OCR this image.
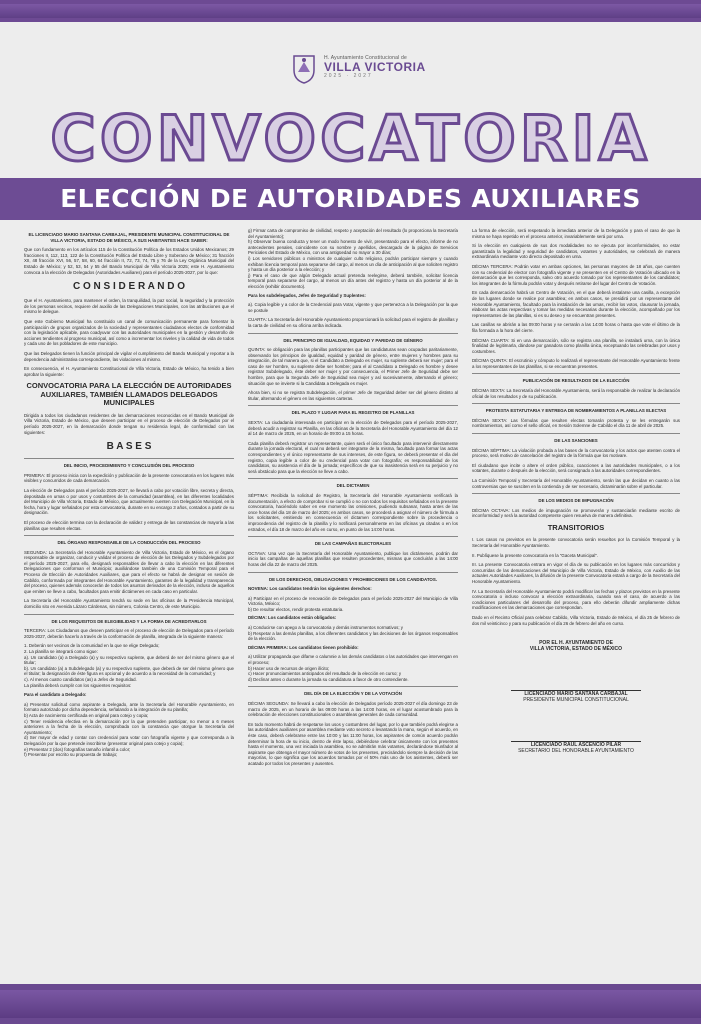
H. Ayuntamiento Constitucional de
VILLA VICTORIA
2025 · 2027
CONVOCATORIA
ELECCIÓN DE AUTORIDADES AUXILIARES

EL LICENCIADO MARIO SANTANA CARBAJAL, PRESIDENTE MUNICIPAL CONSTITUCIONAL DE VILLA VICTORIA, ESTADO DE MÉXICO, A SUS HABITANTES HACE SABER:

Que con fundamento en los artículos 115 de la Constitución Política de los Estados Unidos Mexicanos; 29 fracciones II, 112, 113, 122 de la Constitución Política del Estado Libre y Soberano de México; 31 fracción XII, 48 fracción XVI, 56, 57, 58, 60, 64 fracción II, 72, 73, 74, 75 y 76 de la Ley Orgánica Municipal del Estado de México; y 52, 53, 54 y 55 del Bando Municipal de Villa Victoria 2025; este H. Ayuntamiento convoca a la elección de Delegados (Autoridades Auxiliares) para el período 2025-2027, por lo que:

C O N S I D E R A N D O

Que el H. Ayuntamiento, para mantener el orden, la tranquilidad, la paz social, la seguridad y la protección de los personas vecinos, requiere del auxilio de las Delegaciones Municipales, con las atribuciones que el mismo le delegue.

Que este Gobierno Municipal ha constituido un canal de comunicación permanente para fomentar la participación de grupos organizados de la sociedad y representantes ciudadanos electos de conformidad con la legislación aplicable, para coadyuvar con las autoridades municipales en la gestión y desarrollo de acciones tendientes al progreso municipal, así como a incrementar los niveles y la calidad de vida de todos y cada uno de los pobladores de este municipio.

Que las Delegados tienen la función principal de vigilar el cumplimiento del Bando Municipal y reportar a la dependencia administrativa correspondiente, las violaciones al mismo.

En consecuencia, el H. Ayuntamiento Constitucional de Villa Victoria, Estado de México, ha tenido a bien aprobar la siguiente:

CONVOCATORIA PARA LA ELECCIÓN DE AUTORIDADES AUXILIARES, TAMBIÉN LLAMADOS DELEGADOS MUNICIPALES

Dirigida a todos los ciudadanos residentes de las demarcaciones reconocidas en el Bando Municipal de Villa Victoria, Estado de México, que deseen participar en el proceso de elección de Delegados por el período 2025-2027, en la demarcación donde tengan su residencia legal, de conformidad con las siguientes:

B A S E S

DEL INICIO, PROCEDIMIENTO Y CONCLUSIÓN DEL PROCESO

PRIMERA: El proceso inicia con la expedición y publicación de la presente convocatoria en los lugares más visibles y concurridos de cada demarcación.

La elección de Delegados para el período 2025-2027, se llevará a cabo por votación libre, secreta y directa, depositada en urnas o por usos y costumbres de la comunidad (asamblea), en las diferentes localidades del Municipio de Villa Victoria, Estado de México, que actualmente cuenten con Delegación Municipal, en la fecha, hora y lugar señalados por esta convocatoria, durante en su encargo 3 años, contados a partir de su designación.

El proceso de elección termina con la declaración de validez y entrega de las constancias de mayoría a las planillas que resulten electas.

DEL ÓRGANO RESPONSABLE DE LA CONDUCCIÓN DEL PROCESO

SEGUNDA: La Secretaría del Honorable Ayuntamiento de Villa Victoria, Estado de México, es el órgano responsable de organizar, conducir y validar el proceso de elección de los Delegados y Subdelegados por el período 2025-2027, para ello, designará responsables de llevar a cabo la elección en las diferentes Delegaciones que conforman el Municipio; auxiliándose también de una Comisión Temporal para el Proceso de Elección de Autoridades Auxiliares, que para el efecto se habrá de designar en sesión de Cabildo, conformada por integrantes del Honorable Ayuntamiento, garantes de la legalidad y transparencia del proceso, quienes además conocerán de todos los asuntos derivados de la elección, incluso de aquellos que emiten se lleve a cabo, facultados para emitir dictámenes en cada caso en particular.

La Secretaría del Honorable Ayuntamiento tendrá su sede en las oficinas de la Presidencia Municipal, domicilio sito en Avenida Lázaro Cárdenas, sin número, Colonia Centro, de este Municipio.

DE LOS REQUISITOS DE ELEGIBILIDAD Y LA FORMA DE ACREDITARLOS

TERCERA: Los Ciudadanos que deseen participar en el proceso de elección de Delegados para el período 2025-2027, deberán hacerlo a través de la conformación de planilla, integrada de la siguiente manera:

1. Deberán ser vecinos de la comunidad en la que se elige Delegado;
2. La planilla se integrará como sigue:
a). Un candidato (a) a Delegado (a) y su respectivo suplente, que deberá de ser del mismo género que el titular;
b). Un candidato (a) a Subdelegado (a) y su respectivo suplente, que deberá de ser del mismo género que el titular; la designación de éste figura es opcional y de acuerdo a la necesidad de la comunidad; y
c). Al menos cuatro candidatos (as) a Jefes de Seguridad.

La planilla deberá cumplir con los siguientes requisitos:

Para el candidato a Delegado:

a) Presentar solicitud como aspirante a Delegado, ante la Secretaría del Honorable Ayuntamiento, en formato autorizado por dicha dependencia, señalando a la integración de su planilla;
b) Acta de nacimiento certificada en original para cotejo y copia;
c) Tener residencia efectiva en la demarcación por la que pretenden participar, no menor a 6 meses anteriores a la fecha de la elección, comprobada con la constancia que otorgue la Secretaría del Ayuntamiento;
d) Ser mayor de edad y contar con credencial para votar con fotografía vigente y que corresponda a la Delegación por la que pretende inscribirse (presentar original para cotejo y copia);
e) Presentar 2 (dos) fotografías tamaño infantil a color;
f) Presentar por escrito su propuesta de trabajo;
g) Firmar carta de compromiso de civilidad, respeto y aceptación del resultado (lo proporciona la Secretaría del Ayuntamiento);
h) Observar buena conducta y tener un modo honesto de vivir, presentando para el efecto, informe de no antecedentes penales, coincidente con su nombre y apellidos, descargado de la página de Servicios Periciales del Estado de México, con una antigüedad no mayor a 30 días;
i) Los servidores públicos o ministros de cualquier culto religioso, podrán participar siempre y cuando exhiban licencia temporal para separarse del cargo, al menos un día de anticipación al que soliciten registro y hasta un día posterior a la elección; y
j) Para el caso de que algún Delegado actual pretenda reelegirse, deberá también, solicitar licencia temporal para separarse del cargo, al menos un día antes del registro y hasta un día posterior al de la elección (exhibir documento).

Para los subdelegados, Jefes de Seguridad y Suplentes:

a). Copia legible y a color de la Credencial para Votar, vigente y que pertenezca a la Delegación por la que se postule

CUARTA: La Secretaría del Honorable Ayuntamiento proporcionará la solicitud para el registro de planillas y la carta de civilidad en su oficina arriba indicada.

DEL PRINCIPIO DE IGUALDAD, EQUIDAD Y PARIDAD DE GÉNERO

QUINTA: se obligación para las planillas participantes que las candidaturas sean ocupadas paritariamente, observando los principios de igualdad, equidad y paridad de género, entre mujeres y hombres para su integración, de tal manera que, si el Candidato a Delegado es mujer, su suplente deberá ser mujer; para el caso de ser hombre, su suplente debe ser hombre; para el al Candidato a Delegado es hombre y desee registrar Subdelegado, éste deber ser mujer y por consecuencia, el Primer Jefe de Seguridad debe ser hombre, para que la Segunda Jefe de Seguridad sea mujer y así sucesivamente, alternando el género; situación que se invierte si la Candidata a Delegada es mujer.

Ahora bien, si no se registra Subdelegación, el primer Jefe de Seguridad deber ser del género distinto al titular, alternando el género en las siguientes carteras.

DEL PLAZO Y LUGAR PARA EL REGISTRO DE PLANILLAS

SEXTA: La ciudadanía interesada en participar en la elección de Delegados para el período 2025-2027, deberá acudir a registrar su Planilla, en las oficinas de la Secretaría del Honorable Ayuntamiento del día 12 al 14 de marzo de 2025, en un horario de 09:00 a 15 horas.

Cada planilla deberá registrar un representante, quien será el único facultado para intervenir directamente durante la jornada electoral, el cual no deberá ser integrante de la misma, facultado para formar las actas correspondientes y el único representante de sus intereses, de este figura, se deberá presentar el día del registro, copia legible a color de su credencial para votar con fotografía; es responsabilidad de los candidatos, su asistencia el día de la jornada; específicos de que su inasistencia será en su perjuicio y no será obstáculo para que la elección se lleve a cabo.

DEL DICTAMEN

SÉPTIMA: Recibida la solicitud de Registro, la Secretaría del Honorable Ayuntamiento verificará la documentación, a efecto de comprobar si se cumplió o no con todos los requisitos señalados en la presente convocatoria, haciéndolo saber en ese momento las omisiones, pudiendo subsanar, hasta antes de las once horas del día 18 de marzo del 2025; en ambos casos, se procederá a asignar el número de fórmula a los solicitantes, emitiendo en consecuencia el dictamen correspondiente sobre la procedencia o improcedencia del registro de la planilla y lo notificará personalmente en las oficinas ya citadas o en los estrados, el día 18 de marzo del año en curso, en punto de las 14:00 horas.

DE LAS CAMPAÑAS ELECTORALES

OCTAVA: Una vez que la Secretaría del Honorable Ayuntamiento, publique los dictámenes, podrán dar inicio las campañas de aquellas planillas que resulten procedentes, mismas que concluirán a las 14:00 horas del día 22 de marzo del 2025.

DE LOS DERECHOS, OBLIGACIONES Y PROHIBICIONES DE LOS CANDIDATOS.

NOVENA: Los candidatos tendrán los siguientes derechos:

a) Participar en el proceso de renovación de Delegados para el período 2025-2027 del Municipio de Villa Victoria, México;
b) De resultar electos, rendir protesta estatutaria.

DÉCIMA: Los candidatos están obligados:

a) Conducirse con apego a la convocatoria y demás instrumentos normativos; y
b) Respetar a las demás planillas, a los diferentes candidatos y las decisiones de los órganos responsables de la elección.

DÉCIMA PRIMERA: Los candidatos tienen prohibido:

a) Utilizar propaganda que difame o calumnie a los demás candidatos o las autoridades que intervengan en el proceso;
b) Hacer uso de recursos de origen ilícito;
c) Hacer pronunciamientos anticipados del resultado de la elección en curso; y
d) Declinar antes o durante la jornada su candidatura a favor de otro contendiente.

DEL DÍA DE LA ELECCIÓN Y DE LA VOTACIÓN

DÉCIMA SEGUNDA: Se llevará a cabo la elección de Delegados período 2025-2027 el día domingo 23 de marzo de 2025, en un horario de las 09:00 horas a las 14:00 horas, en el lugar acostumbrado para la celebración de elecciones constitucionales o asambleas generales de cada comunidad.

En todo momento habrá de respetarse los usos y costumbres del lugar, por lo que también podrá elegirse a las autoridades auxiliares por asamblea mediante voto secreto o levantando la mano, según el acuerdo, en éste caso, deberá celebrarse entre las 10:00 y las 11:00 horas, los aspirantes de común acuerdo podrán determinar la hora de su inicio, dentro de éste lapso, debiéndose celebrar únicamente con los presentes hasta el momento, una vez iniciada la asamblea, no se admitirán más votantes, declarándose triunfador al aspirante que obtenga el mayor número de votos de los presentes, precisándolo siempre la decisión de las mayorías, lo que significa que los acuerdos tomados por el 50% más uno de los asistentes, deberá ser acatado por todos los presentes y ausentes.

La forma de elección, será respetando la inmediata anterior de la Delegación y para el caso de que la misma se haya repetido en el proceso anterior, invariablemente será por urna.

Si la elección en cualquiera de sus dos modalidades no se ejecuta por inconformidades, no estar garantizada la legalidad y seguridad de candidatos, votantes y autoridades, se celebrará de manera extraordinaria mediante voto directo depositado en urna.

DÉCIMA TERCERA: Podrán votar en ambas opciones, las personas mayores de 18 años, que cuenten con su credencial de elector con fotografía vigente y se presenten en el Centro de Votación ubicado en la demarcación que les corresponda, salvo otro acuerdo tomado por los representantes de los candidatos; los integrantes de la fórmula podrán votar y después retirarse del lugar del Centro de Votación.

En cada demarcación habrá un Centro de Votación, en el que deberá instalarse una casilla, a excepción de los lugares donde se realice por asamblea; en ambos casos, se presidirá por un representante del Honorable Ayuntamiento, facultado para la instalación de las urnas, recibir los votos, clausurar la jornada, elaborar las actas respectivas y tomar las medidas necesarias durante la elección, acompañado por los representantes de las planillas, si es su deseo y se encuentran presentes.

Las casillas se abrirán a las 09:00 horas y se cerrarán a las 14:00 horas o hasta que vote el último de la fila formada a la hora del cierre.

DÉCIMA CUARTA: Si en una demarcación, sólo se registra una planilla, se instalará urna, con la única finalidad de legitimarla, dándose por ganadora como planilla única, exceptuando las celebradas por usos y costumbres.

DÉCIMA QUINTA: El escrutinio y cómputo lo realizará el representante del Honorable Ayuntamiento frente a los representantes de las planillas, si se encuentran presentes.

PUBLICACIÓN DE RESULTADOS DE LA ELECCIÓN

DÉCIMA SEXTA: La Secretaría del Honorable Ayuntamiento, será la responsable de realizar la declaración oficial de los resultados y de su publicación.

PROTESTA ESTATUTARIA Y ENTREGA DE NOMBRAMIENTOS A PLANILLAS ELECTAS

DÉCIMA SEXTA: Las fórmulas que resulten electas tomarán protesta y se les entregarán sus nombramientos, así como el sello oficial, en Sesión Solemne de Cabildo el día 11 de abril de 2025.

DE LAS SANCIONES

DÉCIMA SÉPTIMA: La violación probada a las bases de la convocatoria y los actos que atenten contra el proceso, será motivo de cancelación del registro de la fórmula que los motivare.

El ciudadano que incite o altere el orden público, coacciones a las autoridades municipales, o a los votantes, durante o después de la elección, será consignado a las autoridades correspondientes.

La Comisión Temporal y Secretaría del Honorable Ayuntamiento, serán las que decidan en cuanto a las controversias que se susciten en la contienda y de ser necesario, dictaminarán sobre el particular.

DE LOS MEDIOS DE IMPUGNACIÓN

DÉCIMA OCTAVA: Los medios de impugnación se promoverán y sustanciarán mediante escrito de inconformidad y será la autoridad competente quien resuelva de manera definitiva.

TRANSITORIOS

I. Los casos no previstos en la presente convocatoria serán resueltos por la Comisión Temporal y la Secretaría del Honorable Ayuntamiento.

II. Publíquese la presente convocatoria en la "Gaceta Municipal".

III. La presente Convocatoria entrara en vigor el día de su publicación en los lugares más concurridos y concurridas de las demarcaciones del Municipio de Villa Victoria, Estado de México, con Auxilio de las actuales Autoridades Auxiliares, la difusión de la presente Convocatoria estará a cargo de la Secretaría del Honorable Ayuntamiento.

IV. La Secretaría del Honorable Ayuntamiento podrá modificar las fechas y plazos previstos en la presente convocatoria o incluso convocar a elección extraordinaria, cuando sea el caso, de acuerdo a las condiciones particulares del desarrollo del proceso, para ello deberán difundir ampliamente dichas modificaciones en las demarcaciones que correspondan.

Dado en el Recinto Oficial para celebrar Cabildo, Villa Victoria, Estado de México, el día 25 de febrero de dos mil veinticinco y para su publicación el día 26 de febrero del año en curso.

POR EL H. AYUNTAMIENTO DE
VILLA VICTORIA, ESTADO DE MÉXICO
LICENCIADO MARIO SANTANA CARBAJAL
PRESIDENTE MUNICIPAL CONSTITUCIONAL
LICENCIADO RAÚL ASCENCIO PILAR
SECRETARIO DEL HONORABLE AYUNTAMIENTO
